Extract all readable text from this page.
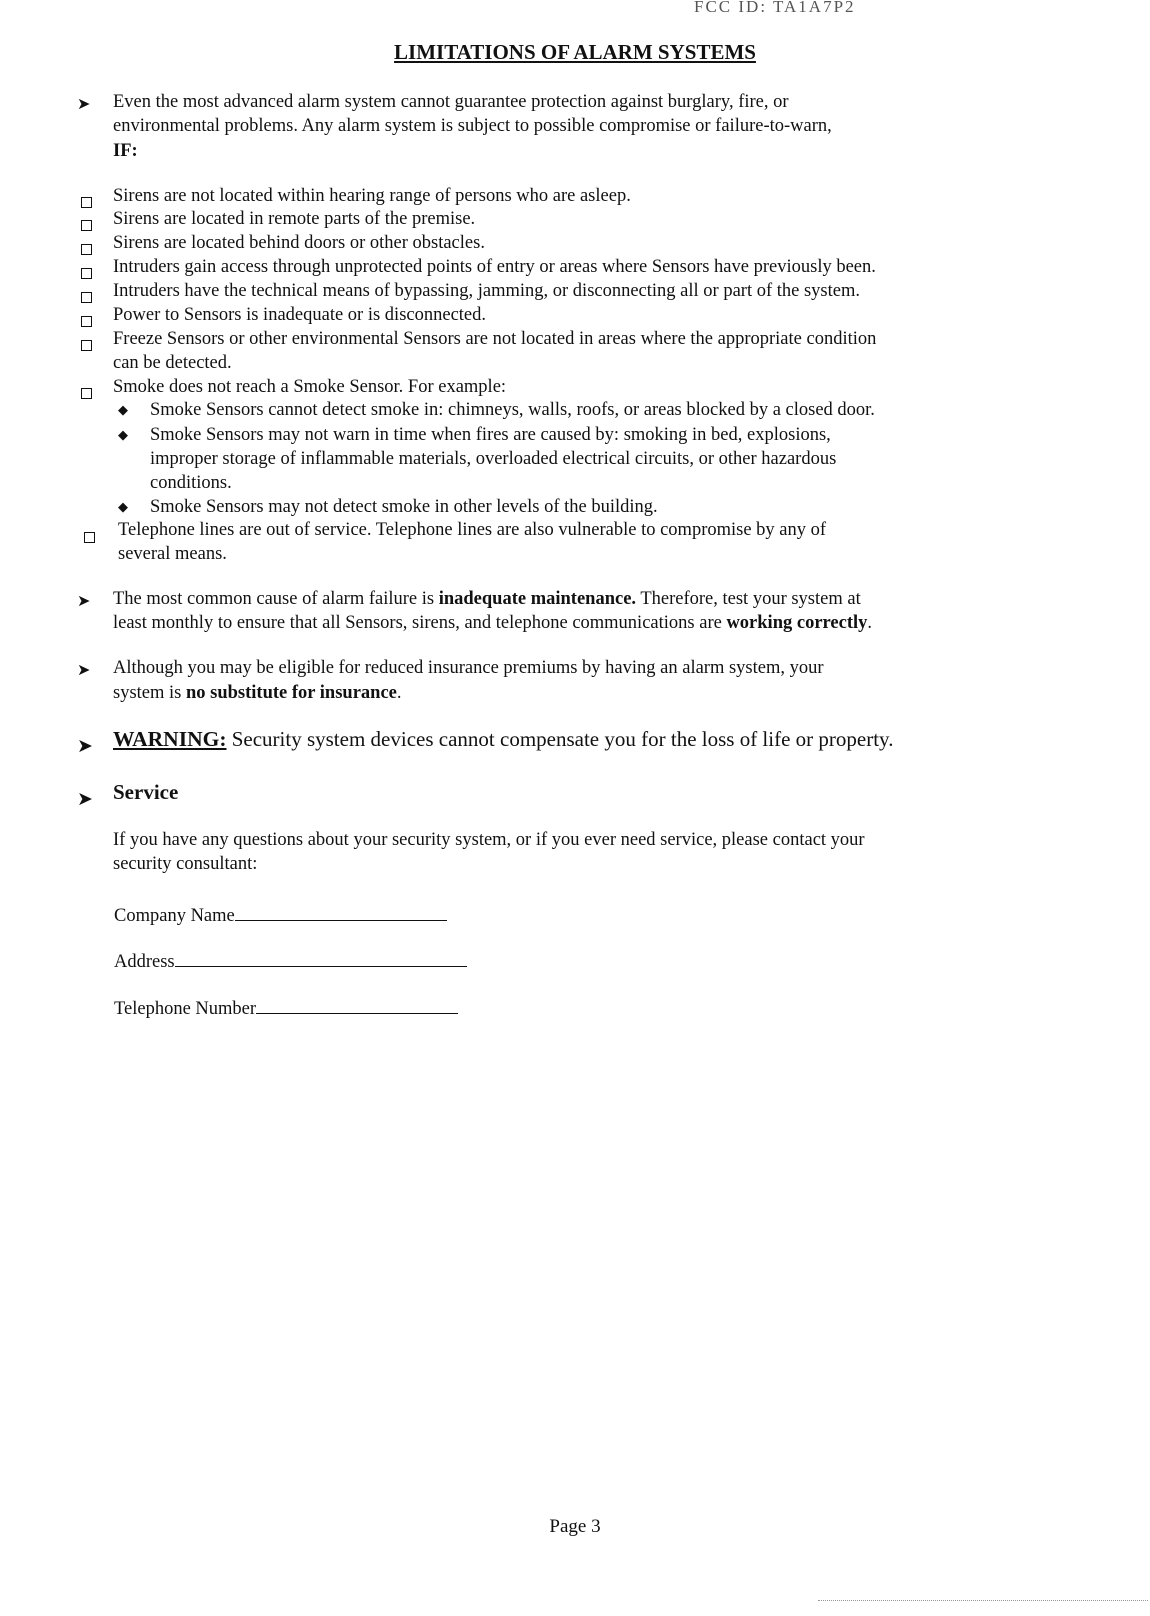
FCC ID: TA1A7P2
LIMITATIONS OF ALARM SYSTEMS
➤ Even the most advanced alarm system cannot guarantee protection against burglary, fire, or
environmental problems. Any alarm system is subject to possible compromise or failure-to-warn,
IF:
Sirens are not located within hearing range of persons who are asleep.
Sirens are located in remote parts of the premise.
Sirens are located behind doors or other obstacles.
Intruders gain access through unprotected points of entry or areas where Sensors have previously been.
Intruders have the technical means of bypassing, jamming, or disconnecting all or part of the system.
Power to Sensors is inadequate or is disconnected.
Freeze Sensors or other environmental Sensors are not located in areas where the appropriate condition
can be detected.
Smoke does not reach a Smoke Sensor. For example:
◆ Smoke Sensors cannot detect smoke in: chimneys, walls, roofs, or areas blocked by a closed door.
◆ Smoke Sensors may not warn in time when fires are caused by: smoking in bed, explosions,
improper storage of inflammable materials, overloaded electrical circuits, or other hazardous
conditions.
◆ Smoke Sensors may not detect smoke in other levels of the building.
Telephone lines are out of service. Telephone lines are also vulnerable to compromise by any of
several means.
➤ The most common cause of alarm failure is inadequate maintenance. Therefore, test your system at
least monthly to ensure that all Sensors, sirens, and telephone communications are working correctly.
➤ Although you may be eligible for reduced insurance premiums by having an alarm system, your
system is no substitute for insurance.
➤ WARNING: Security system devices cannot compensate you for the loss of life or property.
➤ Service
If you have any questions about your security system, or if you ever need service, please contact your
security consultant:
Company Name
Address
Telephone Number
Page 3
